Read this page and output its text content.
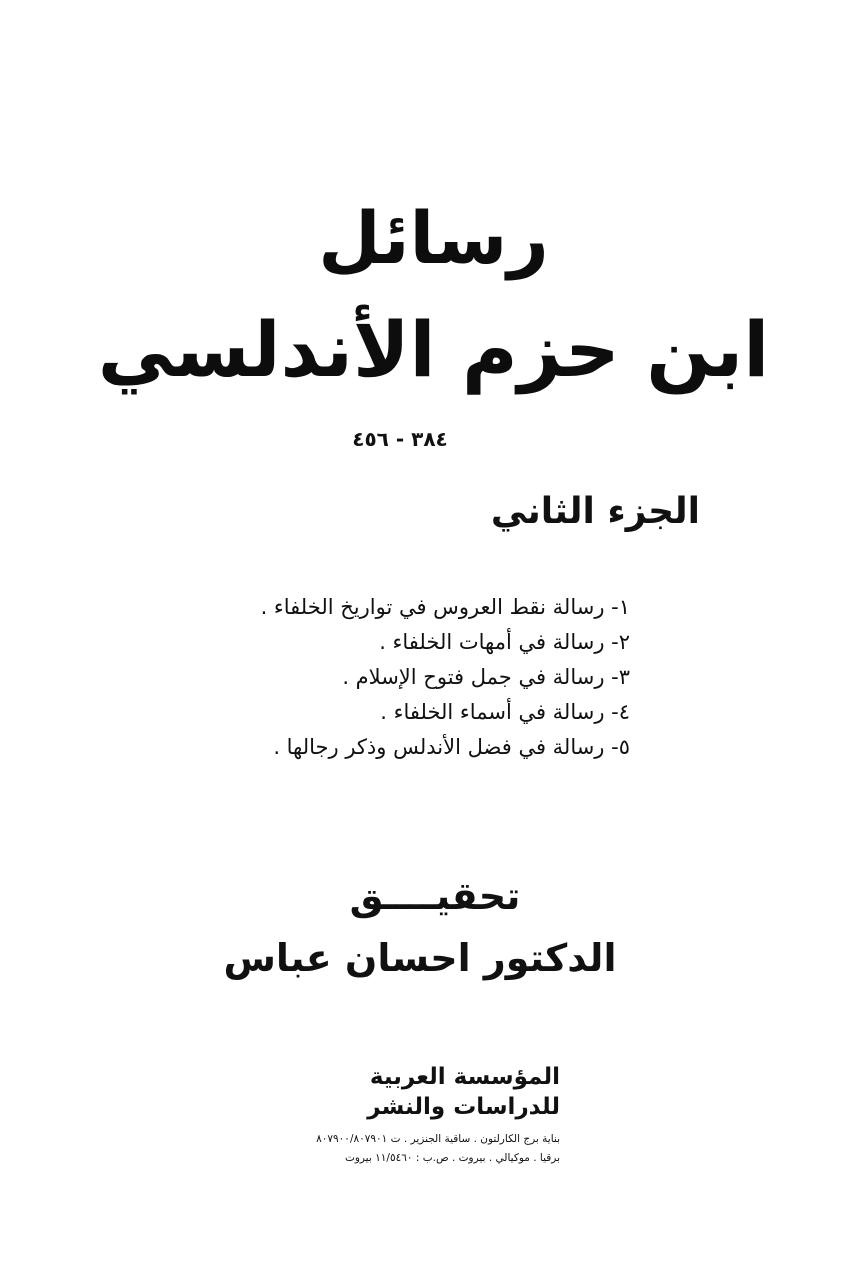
رسائل
ابن حزم الأندلسي
٣٨٤ - ٤٥٦
الجزء الثاني
١- رسالة نقط العروس في تواريخ الخلفاء .
٢- رسالة في أمهات الخلفاء .
٣- رسالة في جمل فتوح الإسلام .
٤- رسالة في أسماء الخلفاء .
٥- رسالة في فضل الأندلس وذكر رجالها .
تحقيــــق
الدكتور احسان عباس
المؤسسة العربية
للدراسات والنشر
بناية برج الكارلتون . ساقية الجنزير . ت ٨٠٧٩٠٠/٨٠٧٩٠١
برقيا . موكيالي . بيروت . ص.ب : ١١/٥٤٦٠ بيروت
